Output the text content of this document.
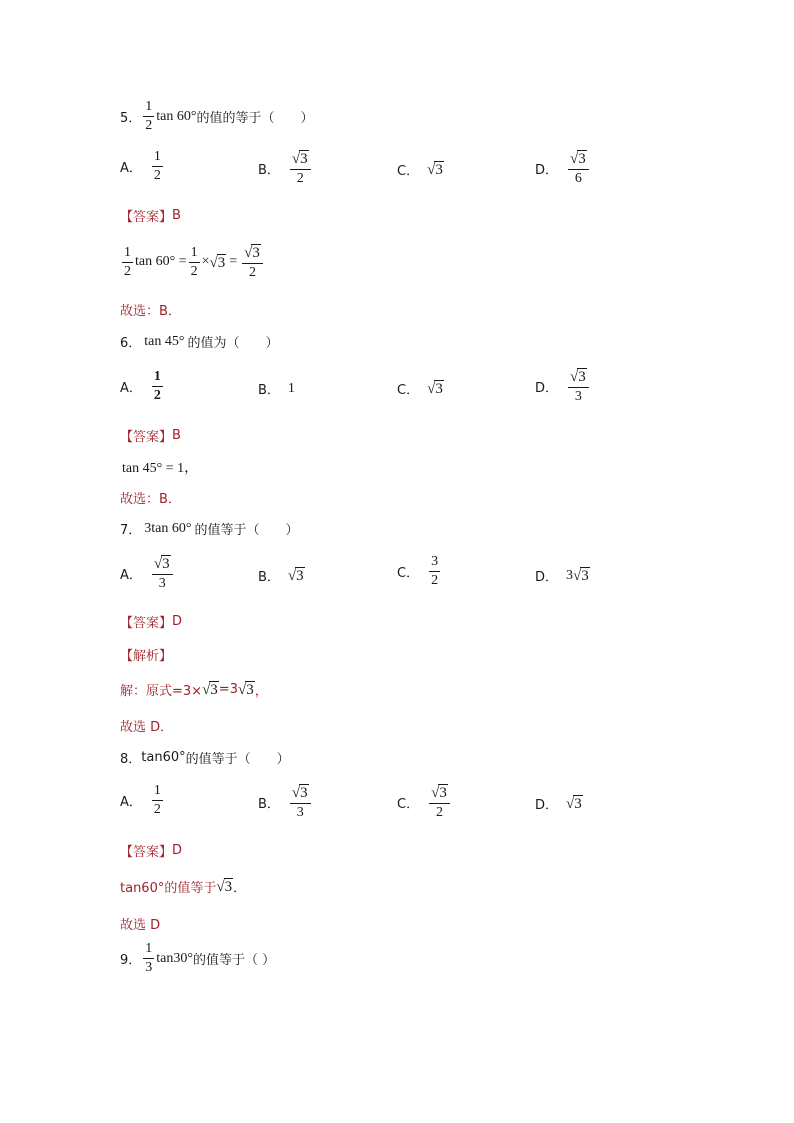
5． $\frac{1}{2}$ tan 60° 的值的等于（　　）
A． $\frac{1}{2}$	B． $\frac{√ 3}{2}$	C． √ 3	D． $\frac{√ 3}{6}$
【答案】 B
$\frac{1}{2}$ $\tan 60^\circ = \frac{1}{2}$ × √ $3 = \frac{√ 3}{2}$
故选：B．
6． tan 45° 的值为（　　）
A． $\frac{1}{2}$	B． 1	C． √ 3	D． $\frac{√ 3}{3}$
【答案】 B
tan 45° = 1，
故选：B．
7． 3tan 60° 的值等于（　　）
A． $\frac{√ 3}{3}$	B． √ 3	C． $\frac{3}{2}$	D． 3 √ 3
【答案】 D
【解析】
解：原式=3× √ 3 =3 √ 3 ，
故选 D．
8． tan60° 的值等于（　　）
A． $\frac{1}{2}$	B． $\frac{√ 3}{3}$	C． $\frac{√ 3}{2}$	D． √ 3
【答案】 D
tan60°的值等于 √ 3 ．
故选 D
9． $\frac{1}{3} \tan 30^\circ$ 的值等于（ ）
